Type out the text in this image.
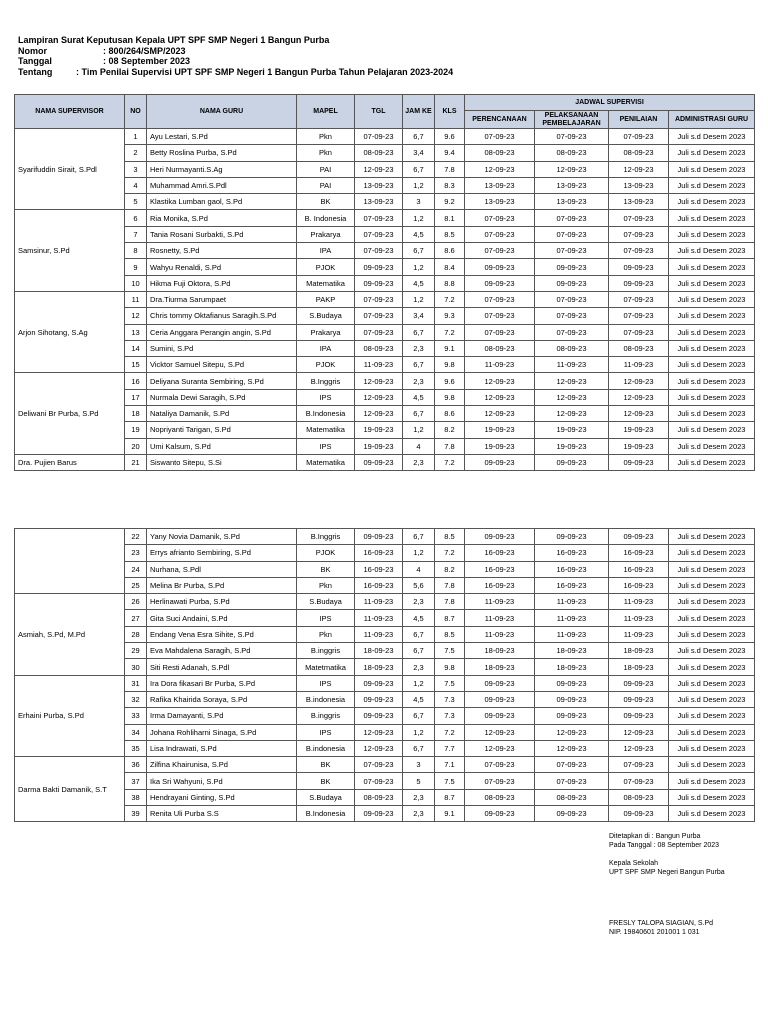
Lampiran Surat Keputusan Kepala UPT SPF SMP Negeri 1 Bangun Purba
Nomor	: 800/264/SMP/2023
Tanggal	: 08 September 2023
Tentang	: Tim Penilai Supervisi UPT SPF SMP Negeri 1 Bangun Purba Tahun Pelajaran 2023-2024
NAMA SUPERVISOR	NO	NAMA GURU	MAPEL	TGL	JAM KE	KLS	JADWAL SUPERVISI			
							PERENCANAAN	PELAKSANAAN PEMBELAJARAN	PENILAIAN	ADMINISTRASI GURU
Syarifuddin Sirait, S.Pdl	1	Ayu Lestari, S.Pd	Pkn	07-09-23	6,7	9.6	07-09-23	07-09-23	07-09-23	Juli s.d Desem 2023
	2	Betty Roslina Purba, S.Pd	Pkn	08-09-23	3,4	9.4	08-09-23	08-09-23	08-09-23	Juli s.d Desem 2023
	3	Heri Nurmayanti.S.Ag	PAI	12-09-23	6,7	7.8	12-09-23	12-09-23	12-09-23	Juli s.d Desem 2023
	4	Muhammad Amri.S.Pdl	PAI	13-09-23	1,2	8.3	13-09-23	13-09-23	13-09-23	Juli s.d Desem 2023
	5	Klastika Lumban gaol, S.Pd	BK	13-09-23	3	9.2	13-09-23	13-09-23	13-09-23	Juli s.d Desem 2023
Samsinur, S.Pd	6	Ria Monika, S.Pd	B. Indonesia	07-09-23	1,2	8.1	07-09-23	07-09-23	07-09-23	Juli s.d Desem 2023
	7	Tania Rosani Surbakti, S.Pd	Prakarya	07-09-23	4,5	8.5	07-09-23	07-09-23	07-09-23	Juli s.d Desem 2023
	8	Rosnetty, S.Pd	IPA	07-09-23	6,7	8.6	07-09-23	07-09-23	07-09-23	Juli s.d Desem 2023
	9	Wahyu Renaldi, S.Pd	PJOK	09-09-23	1,2	8.4	09-09-23	09-09-23	09-09-23	Juli s.d Desem 2023
	10	Hikma Fuji Oktora, S.Pd	Matematika	09-09-23	4,5	8.8	09-09-23	09-09-23	09-09-23	Juli s.d Desem 2023
Arjon Sihotang, S.Ag	11	Dra.Tiurma Sarumpaet	PAKP	07-09-23	1,2	7.2	07-09-23	07-09-23	07-09-23	Juli s.d Desem 2023
	12	Chris tommy Oktafianus Saragih.S.Pd	S.Budaya	07-09-23	3,4	9.3	07-09-23	07-09-23	07-09-23	Juli s.d Desem 2023
	13	Ceria Anggara Perangin angin, S.Pd	Prakarya	07-09-23	6,7	7.2	07-09-23	07-09-23	07-09-23	Juli s.d Desem 2023
	14	Sumini, S.Pd	IPA	08-09-23	2,3	9.1	08-09-23	08-09-23	08-09-23	Juli s.d Desem 2023
	15	Vicktor Samuel Sitepu, S.Pd	PJOK	11-09-23	6,7	9.8	11-09-23	11-09-23	11-09-23	Juli s.d Desem 2023
Deliwani Br Purba, S.Pd	16	Deliyana Suranta Sembiring, S.Pd	B.Inggris	12-09-23	2,3	9.6	12-09-23	12-09-23	12-09-23	Juli s.d Desem 2023
	17	Nurmala Dewi Saragih, S.Pd	IPS	12-09-23	4,5	9.8	12-09-23	12-09-23	12-09-23	Juli s.d Desem 2023
	18	Nataliya Damanik, S.Pd	B.Indonesia	12-09-23	6,7	8.6	12-09-23	12-09-23	12-09-23	Juli s.d Desem 2023
	19	Nopriyanti Tarigan, S.Pd	Matematika	19-09-23	1,2	8.2	19-09-23	19-09-23	19-09-23	Juli s.d Desem 2023
	20	Umi Kalsum, S.Pd	IPS	19-09-23	4	7.8	19-09-23	19-09-23	19-09-23	Juli s.d Desem 2023
Dra. Pujien Barus	21	Siswanto Sitepu, S.Si	Matematika	09-09-23	2,3	7.2	09-09-23	09-09-23	09-09-23	Juli s.d Desem 2023
	22	Yany Novia Damanik, S.Pd	B.Inggris	09-09-23	6,7	8.5	09-09-23	09-09-23	09-09-23	Juli s.d Desem 2023
	23	Errys afrianto Sembiring, S.Pd	PJOK	16-09-23	1,2	7.2	16-09-23	16-09-23	16-09-23	Juli s.d Desem 2023
	24	Nurhana, S.Pdl	BK	16-09-23	4	8.2	16-09-23	16-09-23	16-09-23	Juli s.d Desem 2023
	25	Melina Br Purba, S.Pd	Pkn	16-09-23	5,6	7.8	16-09-23	16-09-23	16-09-23	Juli s.d Desem 2023
Asmiah, S.Pd, M.Pd	26	Herlinawati Purba, S.Pd	S.Budaya	11-09-23	2,3	7.8	11-09-23	11-09-23	11-09-23	Juli s.d Desem 2023
	27	Gita Suci Andaini, S.Pd	IPS	11-09-23	4,5	8.7	11-09-23	11-09-23	11-09-23	Juli s.d Desem 2023
	28	Endang Vena Esra Sihite, S.Pd	Pkn	11-09-23	6,7	8.5	11-09-23	11-09-23	11-09-23	Juli s.d Desem 2023
	29	Eva Mahdalena Saragih, S.Pd	B.inggris	18-09-23	6,7	7.5	18-09-23	18-09-23	18-09-23	Juli s.d Desem 2023
	30	Siti Resti Adanah, S.Pdl	Matetmatika	18-09-23	2,3	9.8	18-09-23	18-09-23	18-09-23	Juli s.d Desem 2023
Erhaini Purba, S.Pd	31	Ira Dora fikasari Br Purba, S.Pd	IPS	09-09-23	1,2	7.5	09-09-23	09-09-23	09-09-23	Juli s.d Desem 2023
	32	Rafika Khairida Soraya, S.Pd	B.indonesia	09-09-23	4,5	7.3	09-09-23	09-09-23	09-09-23	Juli s.d Desem 2023
	33	Irma Damayanti, S.Pd	B.inggris	09-09-23	6,7	7.3	09-09-23	09-09-23	09-09-23	Juli s.d Desem 2023
	34	Johana Rohliharni Sinaga, S.Pd	IPS	12-09-23	1,2	7.2	12-09-23	12-09-23	12-09-23	Juli s.d Desem 2023
	35	Lisa Indrawati, S.Pd	B.indonesia	12-09-23	6,7	7.7	12-09-23	12-09-23	12-09-23	Juli s.d Desem 2023
Darma Bakti Damanik, S.T	36	Zilfina Khairunisa, S.Pd	BK	07-09-23	3	7.1	07-09-23	07-09-23	07-09-23	Juli s.d Desem 2023
	37	Ika Sri Wahyuni, S.Pd	BK	07-09-23	5	7.5	07-09-23	07-09-23	07-09-23	Juli s.d Desem 2023
	38	Hendrayani Ginting, S.Pd	S.Budaya	08-09-23	2,3	8.7	08-09-23	08-09-23	08-09-23	Juli s.d Desem 2023
	39	Renita Uli Purba S.S	B.Indonesia	09-09-23	2,3	9.1	09-09-23	09-09-23	09-09-23	Juli s.d Desem 2023
Ditetapkan di : Bangun Purba
Pada Tanggal : 08 September 2023
Kepala Sekolah
UPT SPF SMP Negeri Bangun Purba
FRESLY TALOPA SIAGIAN, S.Pd
NIP. 19840601 201001 1 031
